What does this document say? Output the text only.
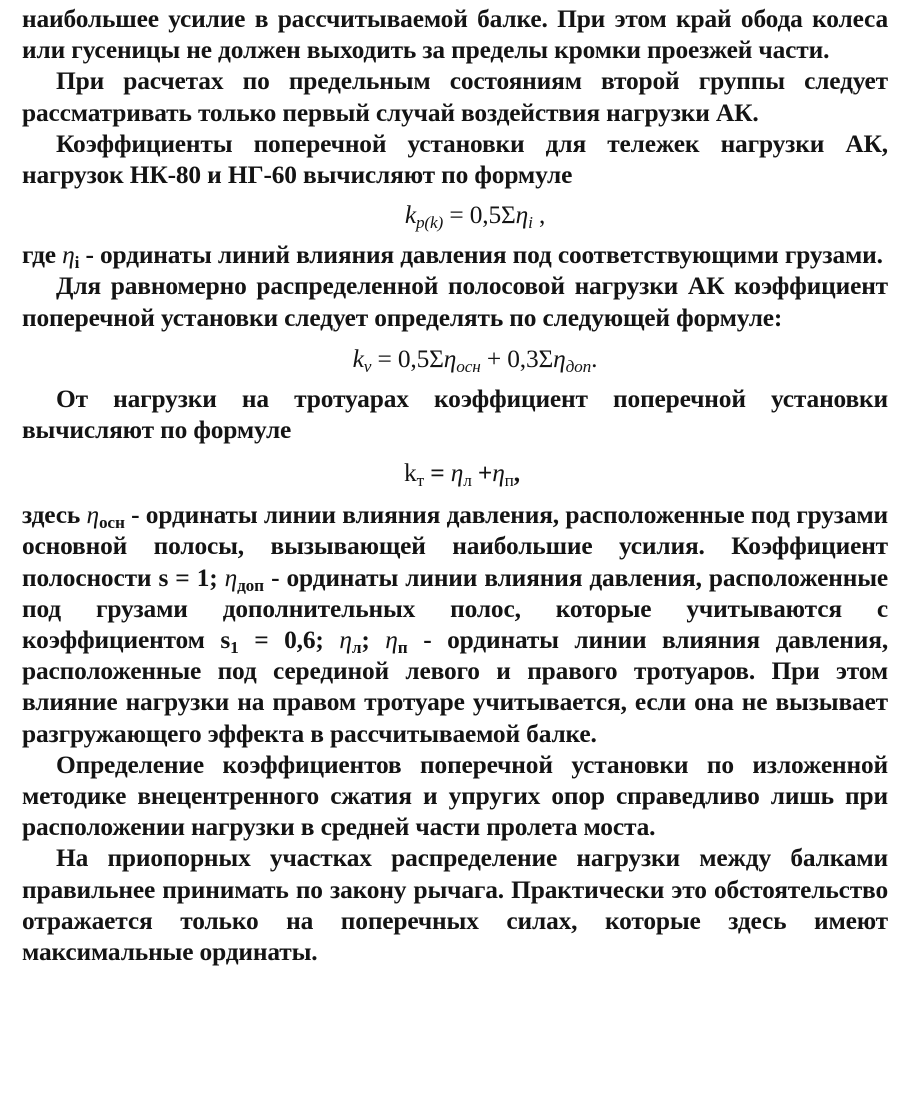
наибольшее усилие в рассчитываемой балке. При этом край обода колеса или гусеницы не должен выходить за пределы кромки проезжей части.

При расчетах по предельным состояниям второй группы следует рассматривать только первый случай воздействия нагрузки АК.

Коэффициенты поперечной установки для тележек нагрузки АК, нагрузок НК-80 и НГ-60 вычисляют по формуле

$k_{p(k)} = 0,5\Sigma\eta_i$ ,

где $\eta_i$ - ординаты линий влияния давления под соответствующими грузами.

Для равномерно распределенной полосовой нагрузки АК коэффициент поперечной установки следует определять по следующей формуле:

$k_\nu = 0,5\Sigma\eta_{осн} + 0,3\Sigma\eta_{доп}$.

От нагрузки на тротуарах коэффициент поперечной установки вычисляют по формуле

$k_т = \eta_л +\eta_п$,

здесь $\eta_{осн}$ - ординаты линии влияния давления, расположенные под грузами основной полосы, вызывающей наибольшие усилия. Коэффициент полосности s = 1; $\eta_{доп}$ - ординаты линии влияния давления, расположенные под грузами дополнительных полос, которые учитываются с коэффициентом $s_1 = 0,6$; $\eta_л$; $\eta_п$ - ординаты линии влияния давления, расположенные под серединой левого и правого тротуаров. При этом влияние нагрузки на правом тротуаре учитывается, если она не вызывает разгружающего эффекта в рассчитываемой балке.

Определение коэффициентов поперечной установки по изложенной методике внецентренного сжатия и упругих опор справедливо лишь при расположении нагрузки в средней части пролета моста.

На приопорных участках распределение нагрузки между балками правильнее принимать по закону рычага. Практически это обстоятельство отражается только на поперечных силах, которые здесь имеют максимальные ординаты.
